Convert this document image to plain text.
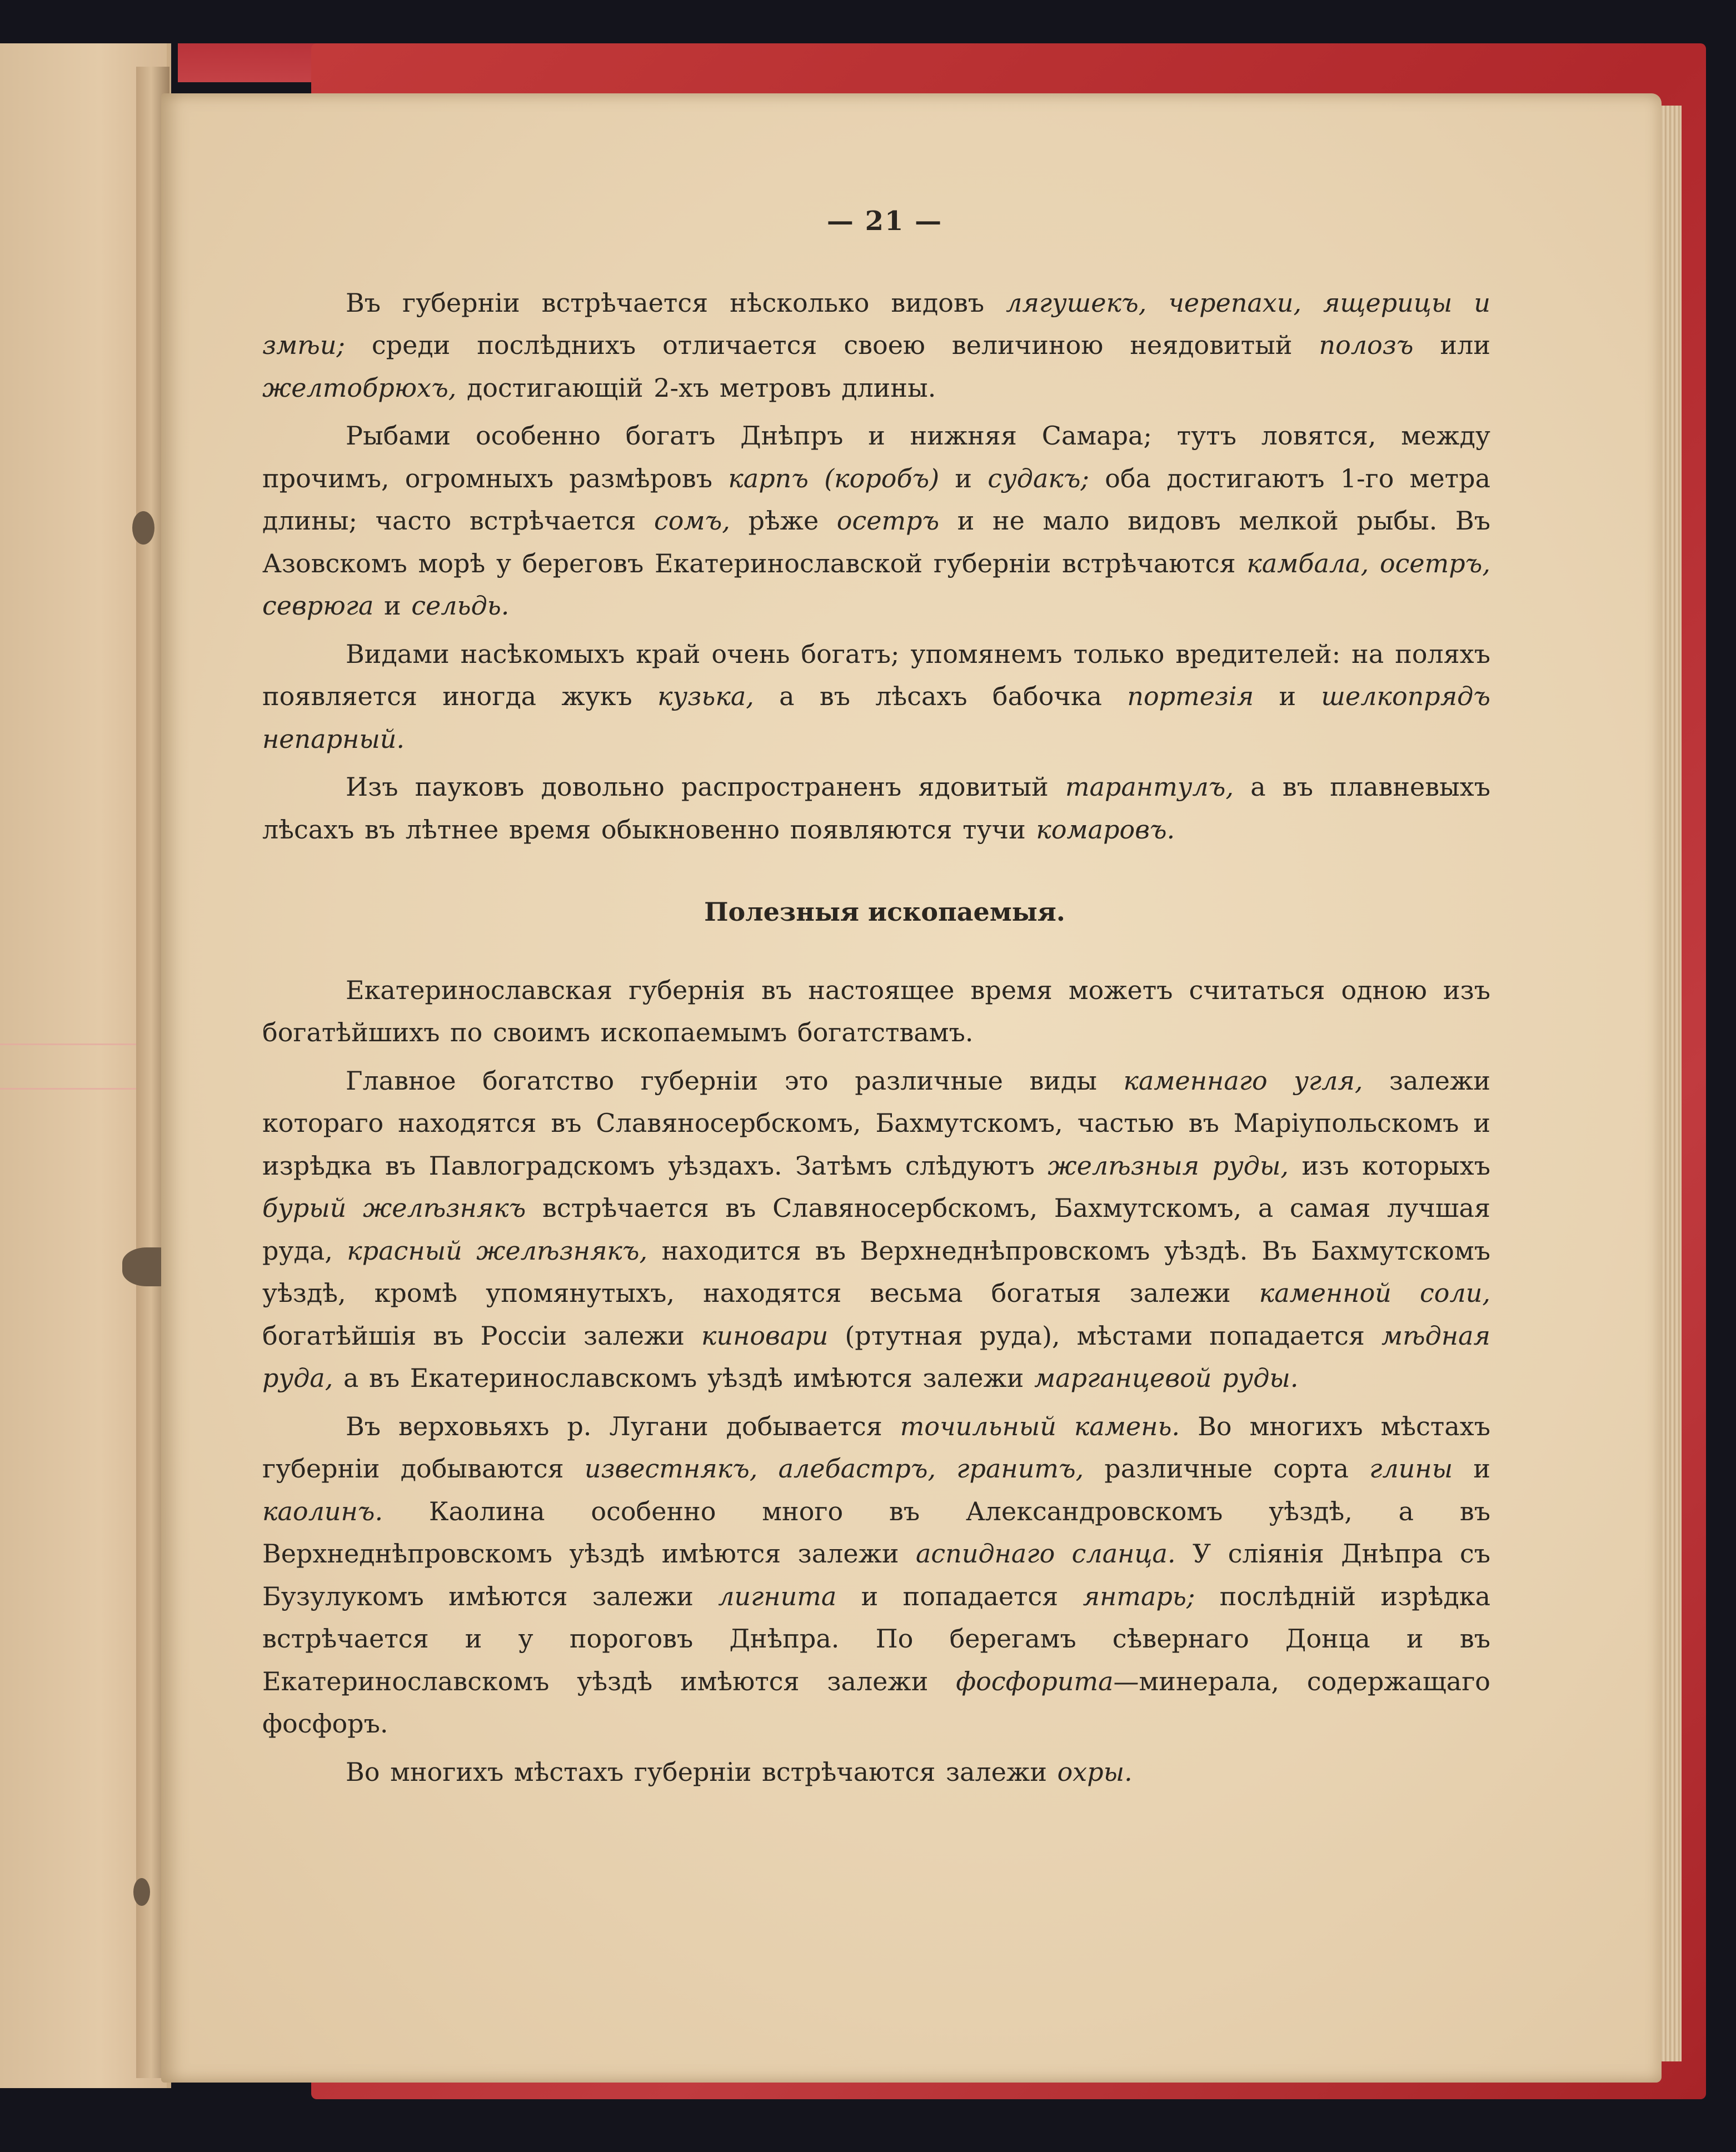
— 21 —

Въ губерніи встрѣчается нѣсколько видовъ лягушекъ, черепахи, ящерицы и змѣи; среди послѣднихъ отличается своею величиною неядовитый полозъ или желтобрюхъ, достигающій 2-хъ метровъ длины.

Рыбами особенно богатъ Днѣпръ и нижняя Самара; тутъ ловятся, между прочимъ, огромныхъ размѣровъ карпъ (коробъ) и судакъ; оба достигаютъ 1-го метра длины; часто встрѣчается сомъ, рѣже осетръ и не мало видовъ мелкой рыбы. Въ Азовскомъ морѣ у береговъ Екатеринославской губерніи встрѣчаются камбала, осетръ, севрюга и сельдь.

Видами насѣкомыхъ край очень богатъ; упомянемъ только вредителей: на поляхъ появляется иногда жукъ кузька, а въ лѣсахъ бабочка портезія и шелкопрядъ непарный.

Изъ пауковъ довольно распространенъ ядовитый тарантулъ, а въ плавневыхъ лѣсахъ въ лѣтнее время обыкновенно появляются тучи комаровъ.

Полезныя ископаемыя.

Екатеринославская губернія въ настоящее время можетъ считаться одною изъ богатѣйшихъ по своимъ ископаемымъ богатствамъ.

Главное богатство губерніи это различные виды каменнаго угля, залежи котораго находятся въ Славяносербскомъ, Бахмутскомъ, частью въ Маріупольскомъ и изрѣдка въ Павлоградскомъ уѣздахъ. Затѣмъ слѣдуютъ желѣзныя руды, изъ которыхъ бурый желѣзнякъ встрѣчается въ Славяносербскомъ, Бахмутскомъ, а самая лучшая руда, красный желѣзнякъ, находится въ Верхнеднѣпровскомъ уѣздѣ. Въ Бахмутскомъ уѣздѣ, кромѣ упомянутыхъ, находятся весьма богатыя залежи каменной соли, богатѣйшія въ Россіи залежи киновари (ртутная руда), мѣстами попадается мѣдная руда, а въ Екатеринославскомъ уѣздѣ имѣются залежи марганцевой руды.

Въ верховьяхъ р. Лугани добывается точильный камень. Во многихъ мѣстахъ губерніи добываются известнякъ, алебастръ, гранитъ, различные сорта глины и каолинъ. Каолина особенно много въ Александровскомъ уѣздѣ, а въ Верхнеднѣпровскомъ уѣздѣ имѣются залежи аспиднаго сланца. У сліянія Днѣпра съ Бузулукомъ имѣются залежи лигнита и попадается янтарь; послѣдній изрѣдка встрѣчается и у пороговъ Днѣпра. По берегамъ сѣвернаго Донца и въ Екатеринославскомъ уѣздѣ имѣются залежи фосфорита—минерала, содержащаго фосфоръ.

Во многихъ мѣстахъ губерніи встрѣчаются залежи охры.
